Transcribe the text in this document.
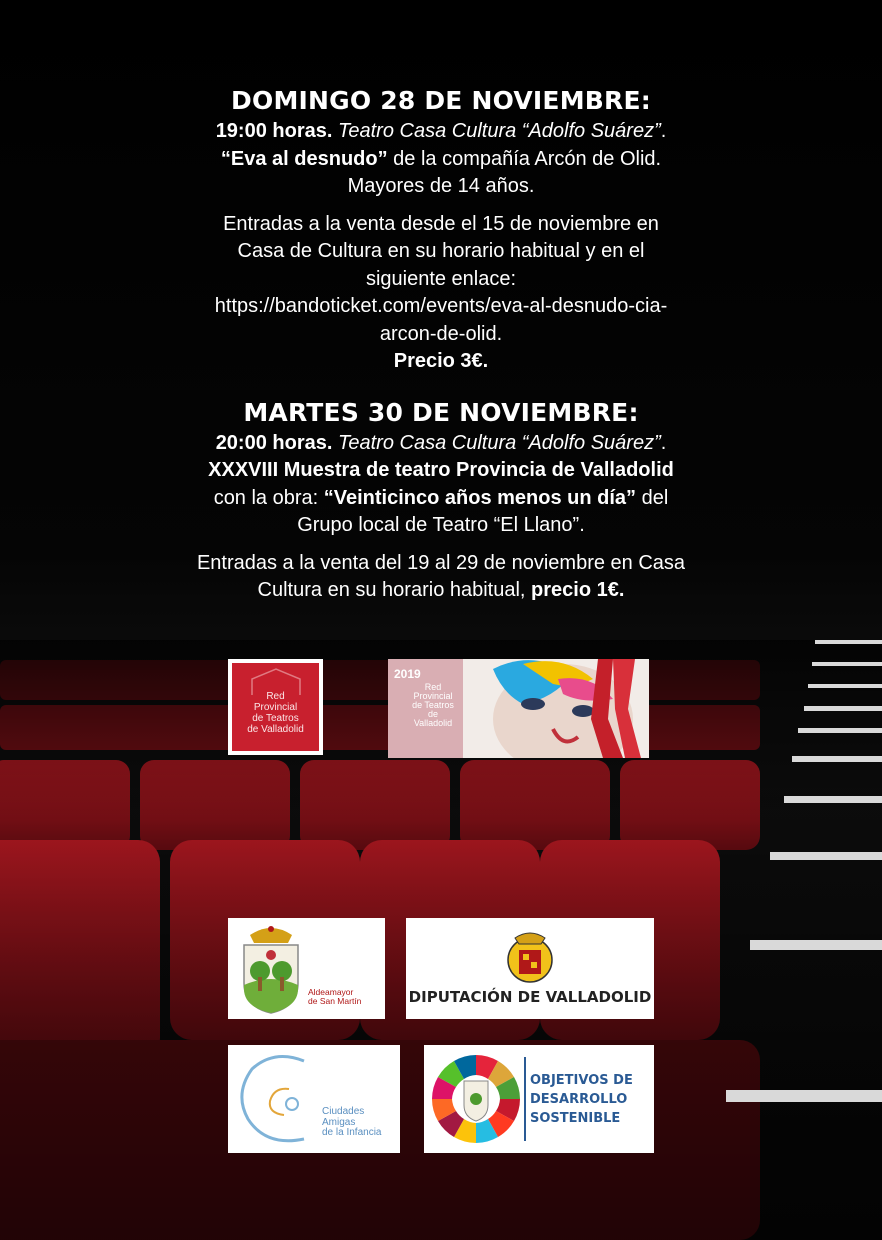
DOMINGO 28 DE NOVIEMBRE:

19:00 horas. Teatro Casa Cultura “Adolfo Suárez”.

“Eva al desnudo” de la compañía Arcón de Olid.

Mayores de 14 años.

Entradas a la venta desde el 15 de noviembre en

Casa de Cultura en su horario habitual y en el

siguiente enlace:

https://bandoticket.com/events/eva-al-desnudo-cia-

arcon-de-olid.

Precio 3€.

MARTES 30 DE NOVIEMBRE:

20:00 horas. Teatro Casa Cultura “Adolfo Suárez”.

XXXVIII Muestra de teatro Provincia de Valladolid

con la obra: “Veinticinco años menos un día” del

Grupo local de Teatro “El Llano”.

Entradas a la venta del 19 al 29 de noviembre en Casa

Cultura en su horario habitual, precio 1€.

Red
Provincial
de Teatros
de Valladolid
2019
Red
Provincial
de Teatros
de Valladolid
Aldeamayor
de San Martín	DIPUTACIÓN DE VALLADOLID
Ciudades
Amigas
de la Infancia
OBJETIVOS DE
DESARROLLO
SOSTENIBLE
